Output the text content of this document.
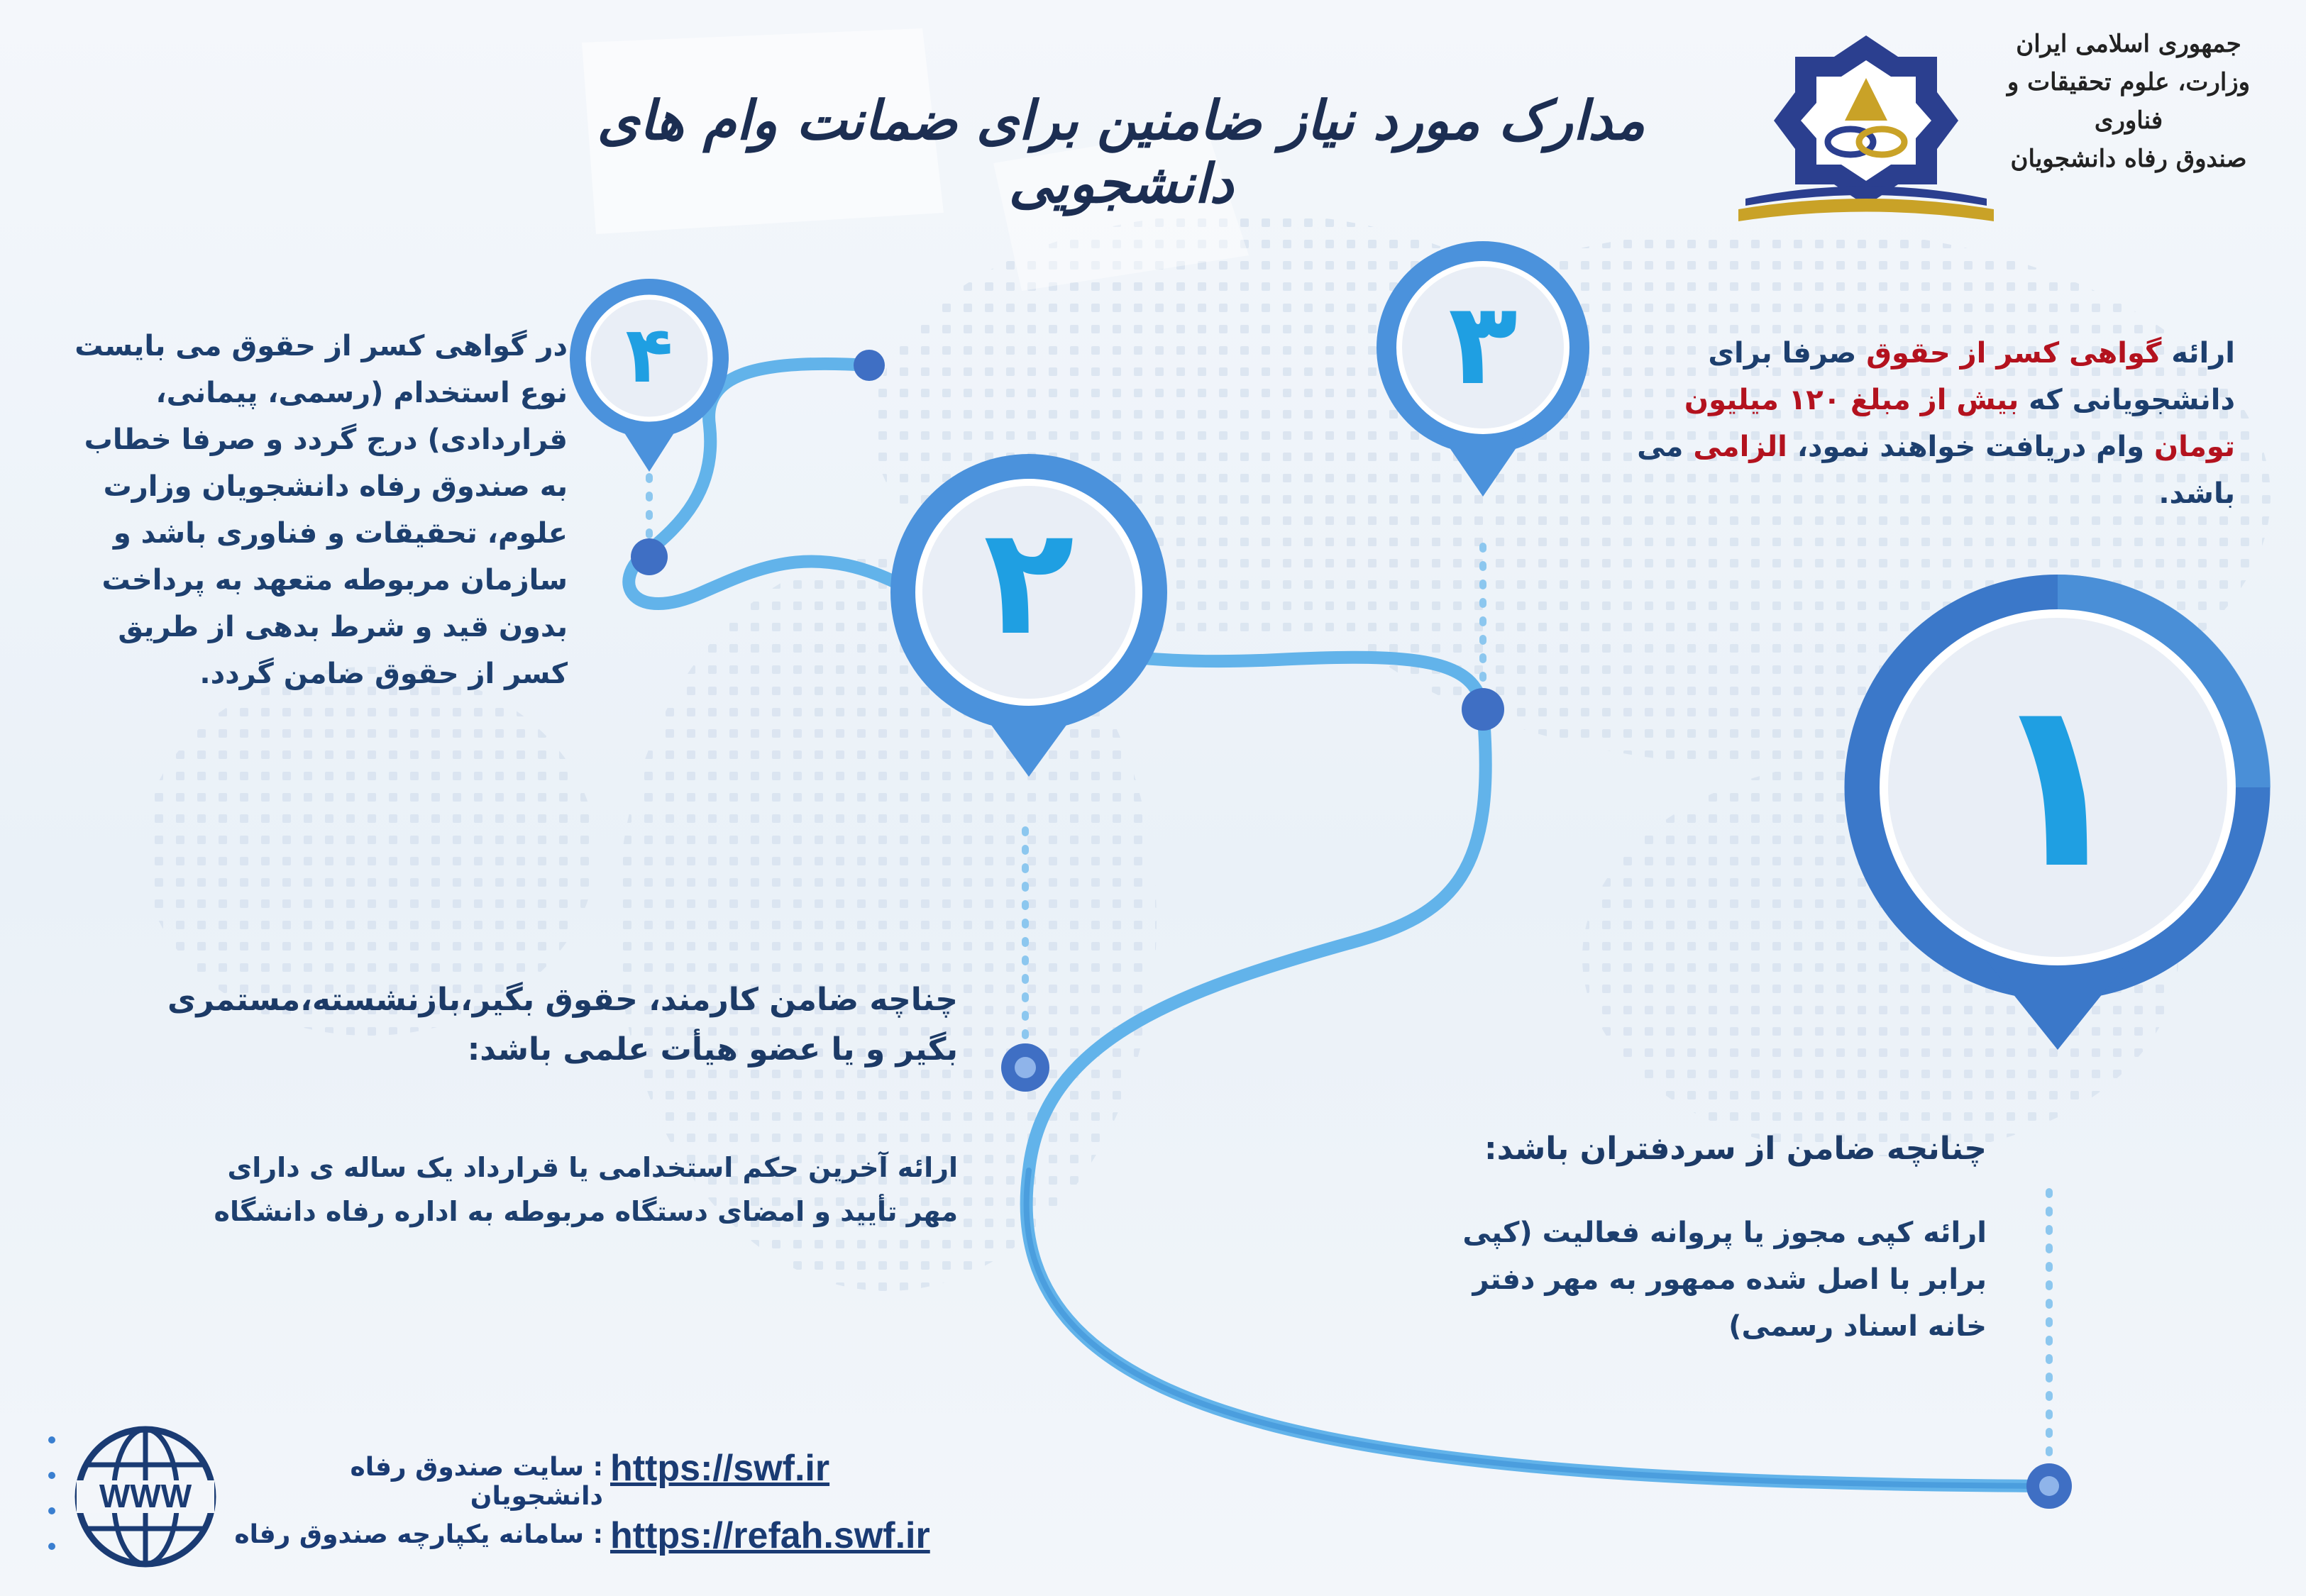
جمهوری اسلامی ایران
وزارت، علوم تحقیقات و فناوری
صندوق رفاه دانشجویان
مدارک مورد نیاز ضامنین برای ضمانت وام های دانشجویی
۱
۲
۳
۴
در گواهی کسر از حقوق می بایست نوع استخدام (رسمی، پیمانی، قراردادی) درج گردد و صرفا خطاب به صندوق رفاه دانشجویان وزارت علوم، تحقیقات و فناوری باشد و سازمان مربوطه متعهد به پرداخت بدون قید و شرط بدهی از طریق کسر از حقوق ضامن گردد.
ارائه گواهی کسر از حقوق صرفا برای دانشجویانی که بیش از مبلغ ۱۲۰ میلیون تومان وام دریافت خواهند نمود، الزامی می باشد.
چناچه ضامن کارمند، حقوق بگیر،بازنشسته،مستمری بگیر و یا عضو هیأت علمی باشد:
ارائه آخرین حکم استخدامی یا قرارداد یک ساله ی دارای مهر تأیید و امضای دستگاه مربوطه به اداره رفاه دانشگاه
چنانچه ضامن از سردفتران باشد:
ارائه کپی مجوز یا پروانه فعالیت (کپی برابر با اصل شده ممهور به مهر دفتر خانه اسناد رسمی)
WWW
https://swf.ir
: سایت صندوق رفاه دانشجویان
https://refah.swf.ir
: سامانه یکپارچه صندوق رفاه
